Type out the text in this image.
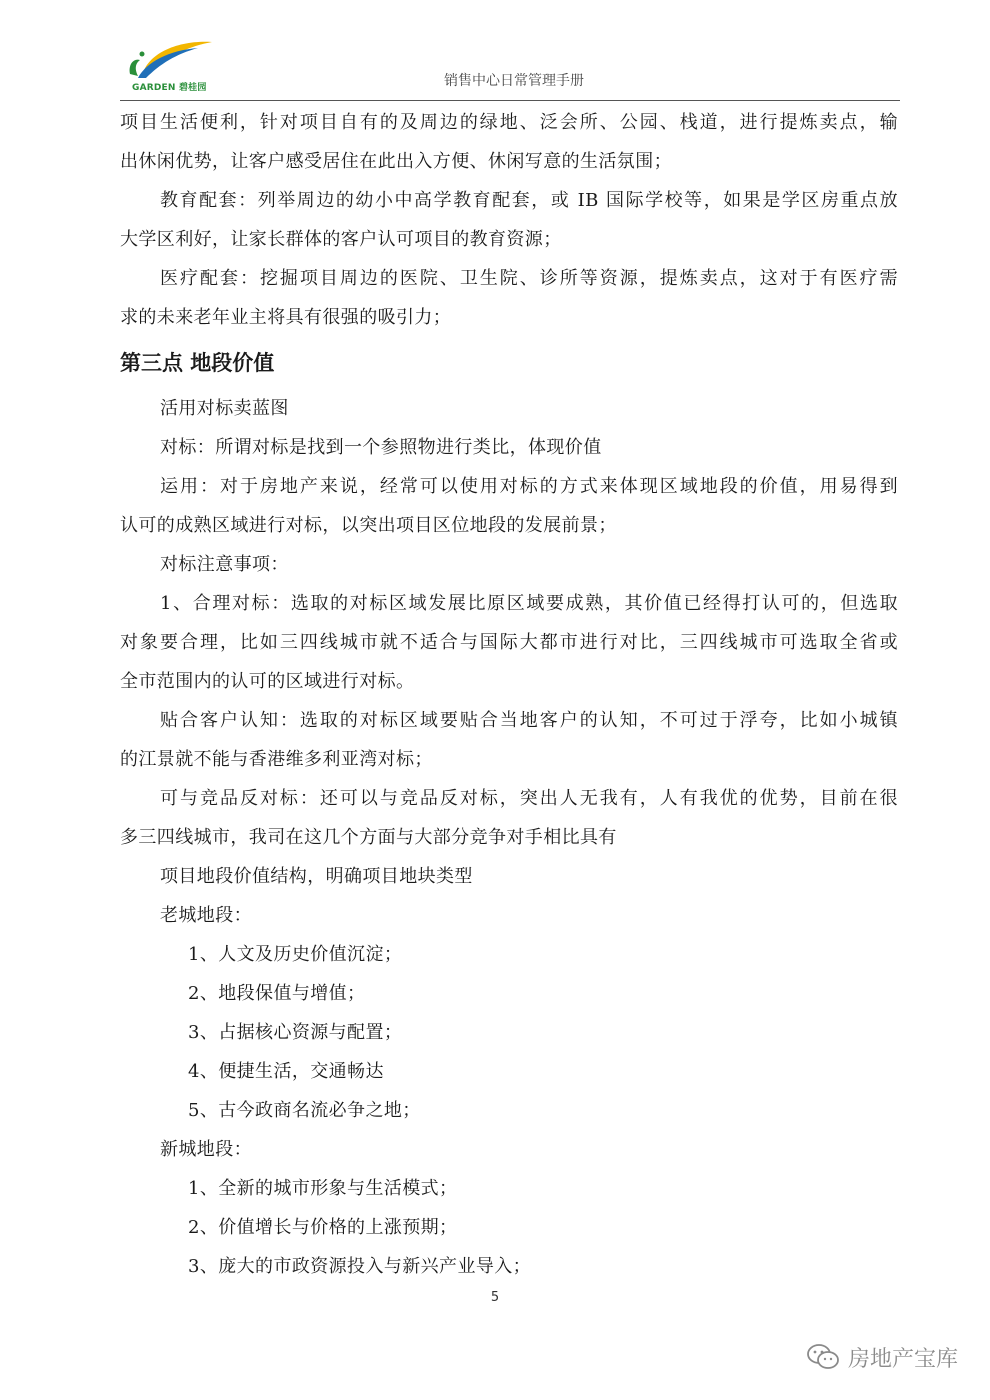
GARDEN 碧桂园	销售中心日常管理手册
项目生活便利，针对项目自有的及周边的绿地、泛会所、公园、栈道，进行提炼卖点，输
出休闲优势，让客户感受居住在此出入方便、休闲写意的生活氛围；
教育配套：列举周边的幼小中高学教育配套，或 IB 国际学校等，如果是学区房重点放
大学区利好，让家长群体的客户认可项目的教育资源；
医疗配套：挖掘项目周边的医院、卫生院、诊所等资源，提炼卖点，这对于有医疗需
求的未来老年业主将具有很强的吸引力；
第三点 地段价值
活用对标卖蓝图
对标：所谓对标是找到一个参照物进行类比，体现价值
运用：对于房地产来说，经常可以使用对标的方式来体现区域地段的价值，用易得到
认可的成熟区域进行对标，以突出项目区位地段的发展前景；
对标注意事项：
1、合理对标：选取的对标区域发展比原区域要成熟，其价值已经得打认可的，但选取
对象要合理，比如三四线城市就不适合与国际大都市进行对比，三四线城市可选取全省或
全市范围内的认可的区域进行对标。
贴合客户认知：选取的对标区域要贴合当地客户的认知，不可过于浮夸，比如小城镇
的江景就不能与香港维多利亚湾对标；
可与竞品反对标：还可以与竞品反对标，突出人无我有，人有我优的优势，目前在很
多三四线城市，我司在这几个方面与大部分竞争对手相比具有
项目地段价值结构，明确项目地块类型
老城地段：
1、人文及历史价值沉淀；
2、地段保值与增值；
3、占据核心资源与配置；
4、便捷生活，交通畅达
5、古今政商名流必争之地；
新城地段：
1、全新的城市形象与生活模式；
2、价值增长与价格的上涨预期；
3、庞大的市政资源投入与新兴产业导入；
5
房地产宝库
